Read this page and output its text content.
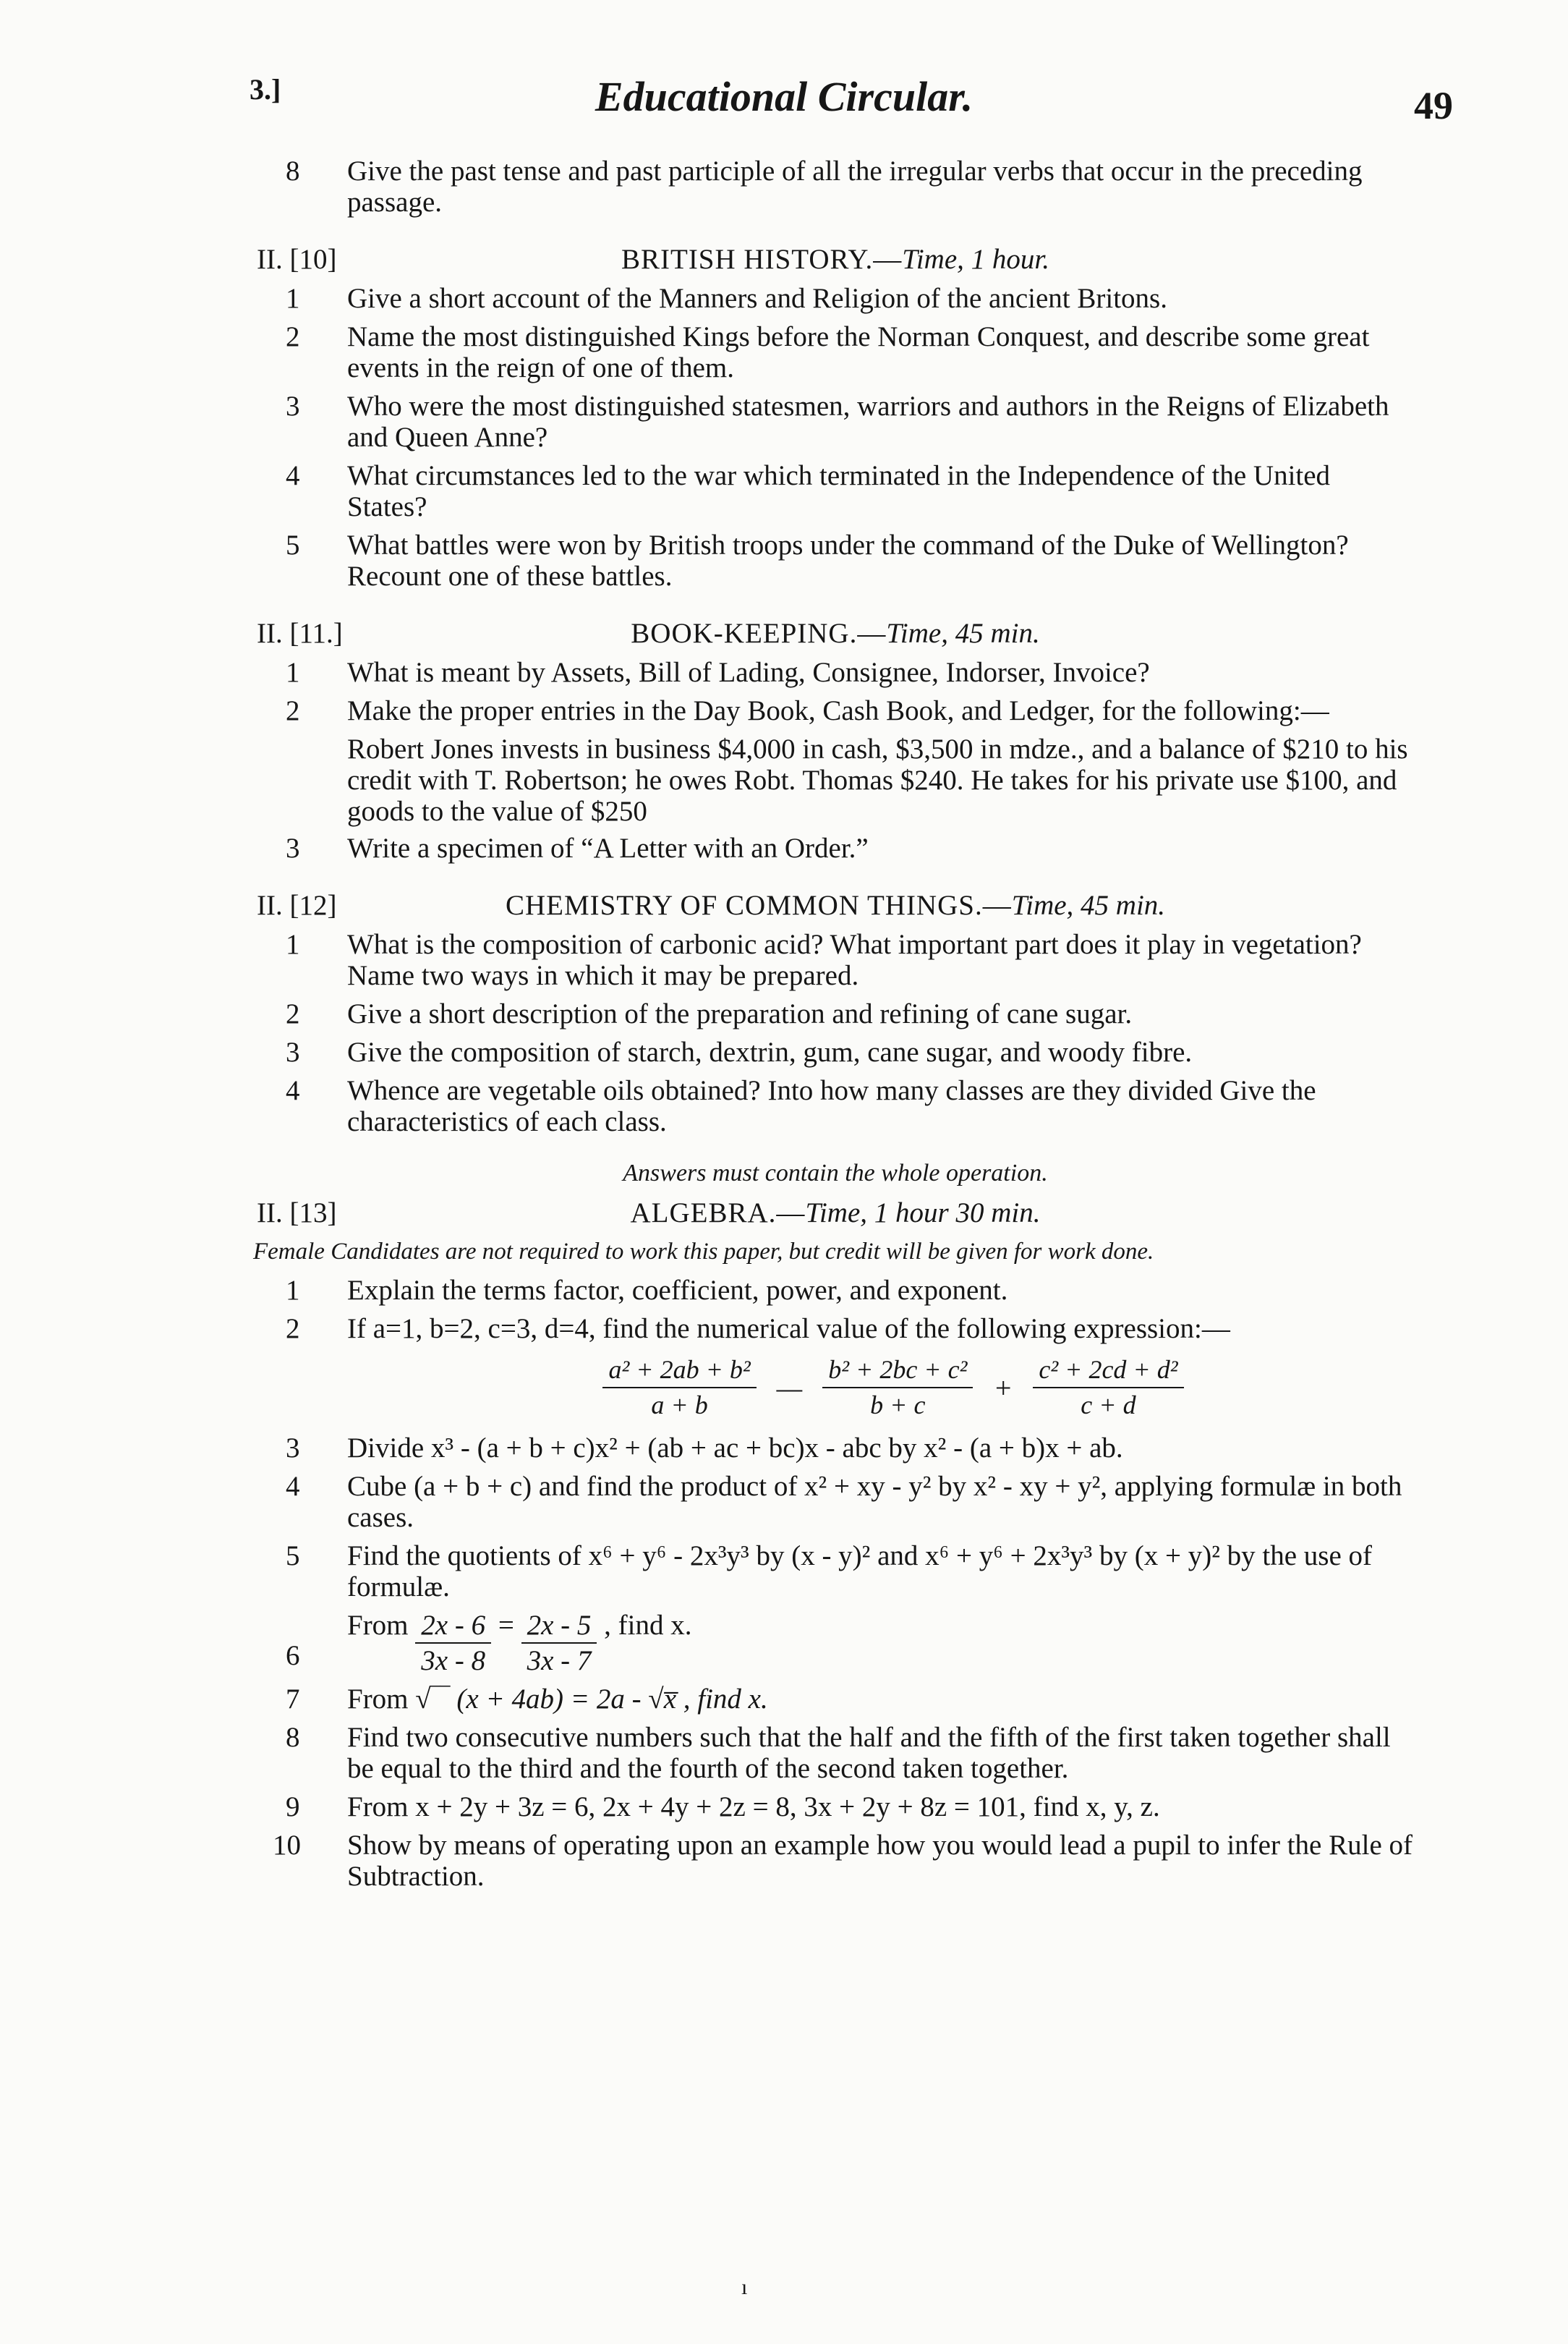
3.]	Educational Circular.	49
8	Give the past tense and past participle of all the irregular verbs that occur in the preceding passage.
II. [10]	BRITISH HISTORY.—Time, 1 hour.
1	Give a short account of the Manners and Religion of the ancient Britons.
2	Name the most distinguished Kings before the Norman Conquest, and describe some great events in the reign of one of them.
3	Who were the most distinguished statesmen, warriors and authors in the Reigns of Elizabeth and Queen Anne?
4	What circumstances led to the war which terminated in the Independence of the United States?
5	What battles were won by British troops under the command of the Duke of Wellington? Recount one of these battles.
II. [11.]	BOOK-KEEPING.—Time, 45 min.
1	What is meant by Assets, Bill of Lading, Consignee, Indorser, Invoice?
2	Make the proper entries in the Day Book, Cash Book, and Ledger, for the following:—
Robert Jones invests in business $4,000 in cash, $3,500 in mdze., and a balance of $210 to his credit with T. Robertson; he owes Robt. Thomas $240. He takes for his private use $100, and goods to the value of $250
3	Write a specimen of “A Letter with an Order.”
II. [12]	CHEMISTRY OF COMMON THINGS.—Time, 45 min.
1	What is the composition of carbonic acid? What important part does it play in vegetation? Name two ways in which it may be prepared.
2	Give a short description of the preparation and refining of cane sugar.
3	Give the composition of starch, dextrin, gum, cane sugar, and woody fibre.
4	Whence are vegetable oils obtained? Into how many classes are they divided Give the characteristics of each class.
Answers must contain the whole operation.
II. [13]	ALGEBRA.—Time, 1 hour 30 min.
Female Candidates are not required to work this paper, but credit will be given for work done.
1	Explain the terms factor, coefficient, power, and exponent.
2	If a=1, b=2, c=3, d=4, find the numerical value of the following expression:—
$\frac{\text{a² + 2ab + b²}}{a + b}$ — $\frac{\text{b² + 2bc + c²}}{b + c} + \frac{\text{c² + 2cd + d²}}{c + d}$
3	Divide x³ - (a + b + c)x² + (ab + ac + bc)x - abc by x² - (a + b)x + ab.
4	Cube (a + b + c) and find the product of x² + xy - y² by x² - xy + y², applying formulæ in both cases.
5	Find the quotients of x⁶ + y⁶ - 2x³y³ by (x - y)² and x⁶ + y⁶ + 2x³y³ by (x + y)² by the use of formulæ.
6
From $\frac{2x - 6}{3x - 8} = \frac{2x - 5}{3x - 7}$ , find x.
7	From √‾‾ (x + 4ab) = 2a - √x̅ , find x.
8	Find two consecutive numbers such that the half and the fifth of the first taken together shall be equal to the third and the fourth of the second taken together.
9	From x + 2y + 3z = 6, 2x + 4y + 2z = 8, 3x + 2y + 8z = 101, find x, y, z.
10 Show by means of operating upon an example how you would lead a pupil to infer the Rule of Subtraction.
ı
